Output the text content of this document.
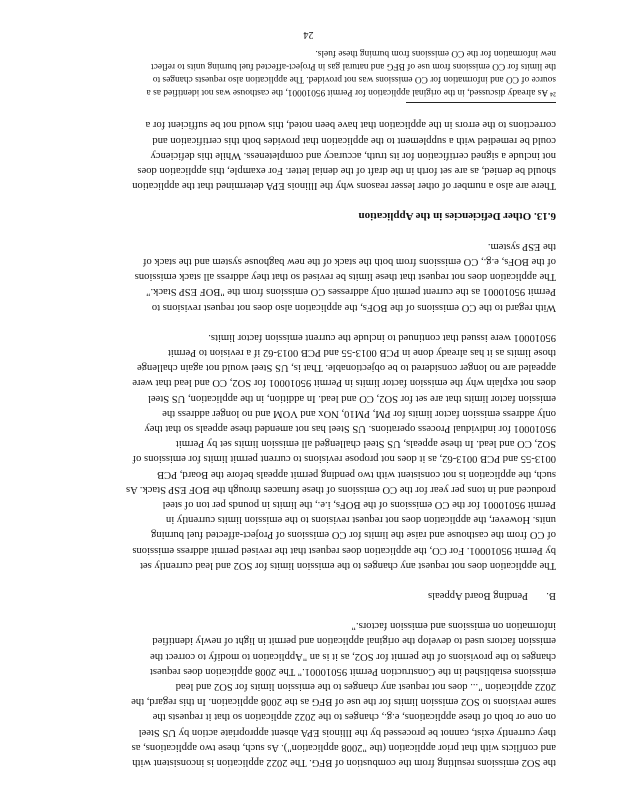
the SO2 emissions resulting from the combustion of BFG. The 2022 application is inconsistent with

and conflicts with that prior application (the "2008 application"). As such, these two applications, as

they currently exist, cannot be processed by the Illinois EPA absent appropriate action by US Steel

on one or both of these applications, e.g., changes to the 2022 application so that it requests the

same revisions to SO2 emission limits for the use of BFG as the 2008 application. In this regard, the

2022 application "... does not request any changes to the emission limits for SO2 and lead

emissions established in the Construction Permit 95010001." The 2008 application does request

changes to the provisions of the permit for SO2, as it is an "Application to modify to correct the

emission factors used to develop the original application and permit in light of newly identified

information on emissions and emission factors."

B.Pending Board Appeals

The application does not request any changes to the emission limits for SO2 and lead currently set

by Permit 95010001. For CO, the application does request that the revised permit address emissions

of CO from the casthouse and raise the limits for CO emissions of Project-affected fuel burning

units. However, the application does not request revisions to the emission limits currently in

Permit 95010001 for the CO emissions of the BOFs, i.e., the limits in pounds per ton of steel

produced and in tons per year for the CO emissions of these furnaces through the BOF ESP Stack. As

such, the application is not consistent with two pending permit appeals before the Board, PCB

0013-55 and PCB 0013-62, as it does not propose revisions to current permit limits for emissions of

SO2, CO and lead. In these appeals, US Steel challenged all emission limits set by Permit

95010001 for individual Process operations. US Steel has not amended these appeals so that they

only address emission factor limits for PM, PM10, NOx and VOM and no longer address the

emission factor limits that are set for SO2, CO and lead. In addition, in the application, US Steel

does not explain why the emission factor limits in Permit 95010001 for SO2, CO and lead that were

appealed are no longer considered to be objectionable. That is, US Steel would not again challenge

those limits as it has already done in PCB 0013-55 and PCB 0013-62 if a revision to Permit

95010001 were issued that continued to include the current emission factor limits.

With regard to the CO emissions of the BOFs, the application also does not request revisions to

Permit 95010001 as the current permit only addresses CO emissions from the "BOF ESP Stack."

The application does not request that these limits be revised so that they address all stack emissions

of the BOFs, e.g., CO emissions from both the stack of the new baghouse system and the stack of

the ESP system.

6.13. Other Deficiencies in the Application

There are also a number of other lesser reasons why the Illinois EPA determined that the application

should be denied, as are set forth in the draft of the denial letter. For example, this application does

not include a signed certification for its truth, accuracy and completeness. While this deficiency

could be remedied with a supplement to the application that provides both this certification and

corrections to the errors in the application that have been noted, this would not be sufficient for a

²⁴ As already discussed, in the original application for Permit 95010001, the casthouse was not identified as a

source of CO and information for CO emissions was not provided. The application also requests changes to

the limits for CO emissions from use of BFG and natural gas in Project-affected fuel burning units to reflect

new information for the CO emissions from burning these fuels.

24
